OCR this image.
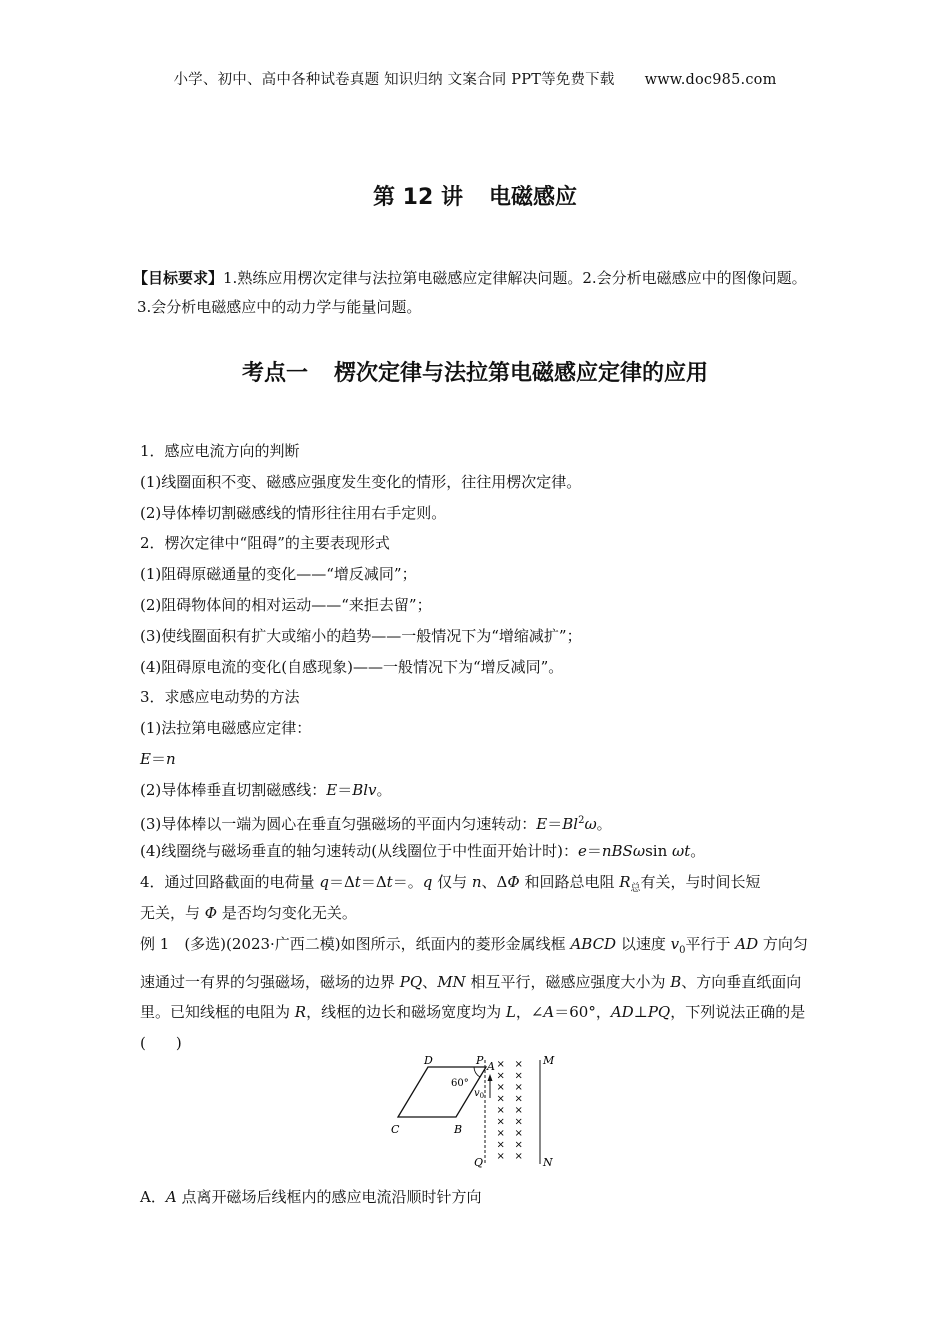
小学、初中、高中各种试卷真题 知识归纳 文案合同 PPT等免费下载 www.doc985.com
第 12 讲 电磁感应
【目标要求】1.熟练应用楞次定律与法拉第电磁感应定律解决问题。2.会分析电磁感应中的图像问题。3.会分析电磁感应中的动力学与能量问题。
考点一 楞次定律与法拉第电磁感应定律的应用
1．感应电流方向的判断
(1)线圈面积不变、磁感应强度发生变化的情形，往往用楞次定律。
(2)导体棒切割磁感线的情形往往用右手定则。
2．楞次定律中“阻碍”的主要表现形式
(1)阻碍原磁通量的变化——“增反减同”；
(2)阻碍物体间的相对运动——“来拒去留”；
(3)使线圈面积有扩大或缩小的趋势——一般情况下为“增缩减扩”；
(4)阻碍原电流的变化(自感现象)——一般情况下为“增反减同”。
3．求感应电动势的方法
(1)法拉第电磁感应定律：
E＝n
(2)导体棒垂直切割磁感线：E＝Blv。
(3)导体棒以一端为圆心在垂直匀强磁场的平面内匀速转动：$E=Bl^2\omega$。
(4)线圈绕与磁场垂直的轴匀速转动(从线圈位于中性面开始计时)：e＝nBSωsin ωt。
4．通过回路截面的电荷量 q＝Δt＝Δt＝。q 仅与 n、ΔΦ 和回路总电阻 $R_总$有关，与时间长短
无关，与 Φ 是否均匀变化无关。
例 1　(多选)(2023·广西二模)如图所示，纸面内的菱形金属线框 ABCD 以速度 $v_0$平行于 AD 方向匀速通过一有界的匀强磁场，磁场的边界 PQ、MN 相互平行，磁感应强度大小为 B、方向垂直纸面向里。已知线框的电阻为 R，线框的边长和磁场宽度均为 L，∠A＝60°，AD⊥PQ，下列说法正确的是(　　)
× ×
× ×
× ×
× ×
× ×
× ×
× ×
× ×
× ×
D	A
C	B
P
Q
M
N
60°
$v_0$
A．A 点离开磁场后线框内的感应电流沿顺时针方向
